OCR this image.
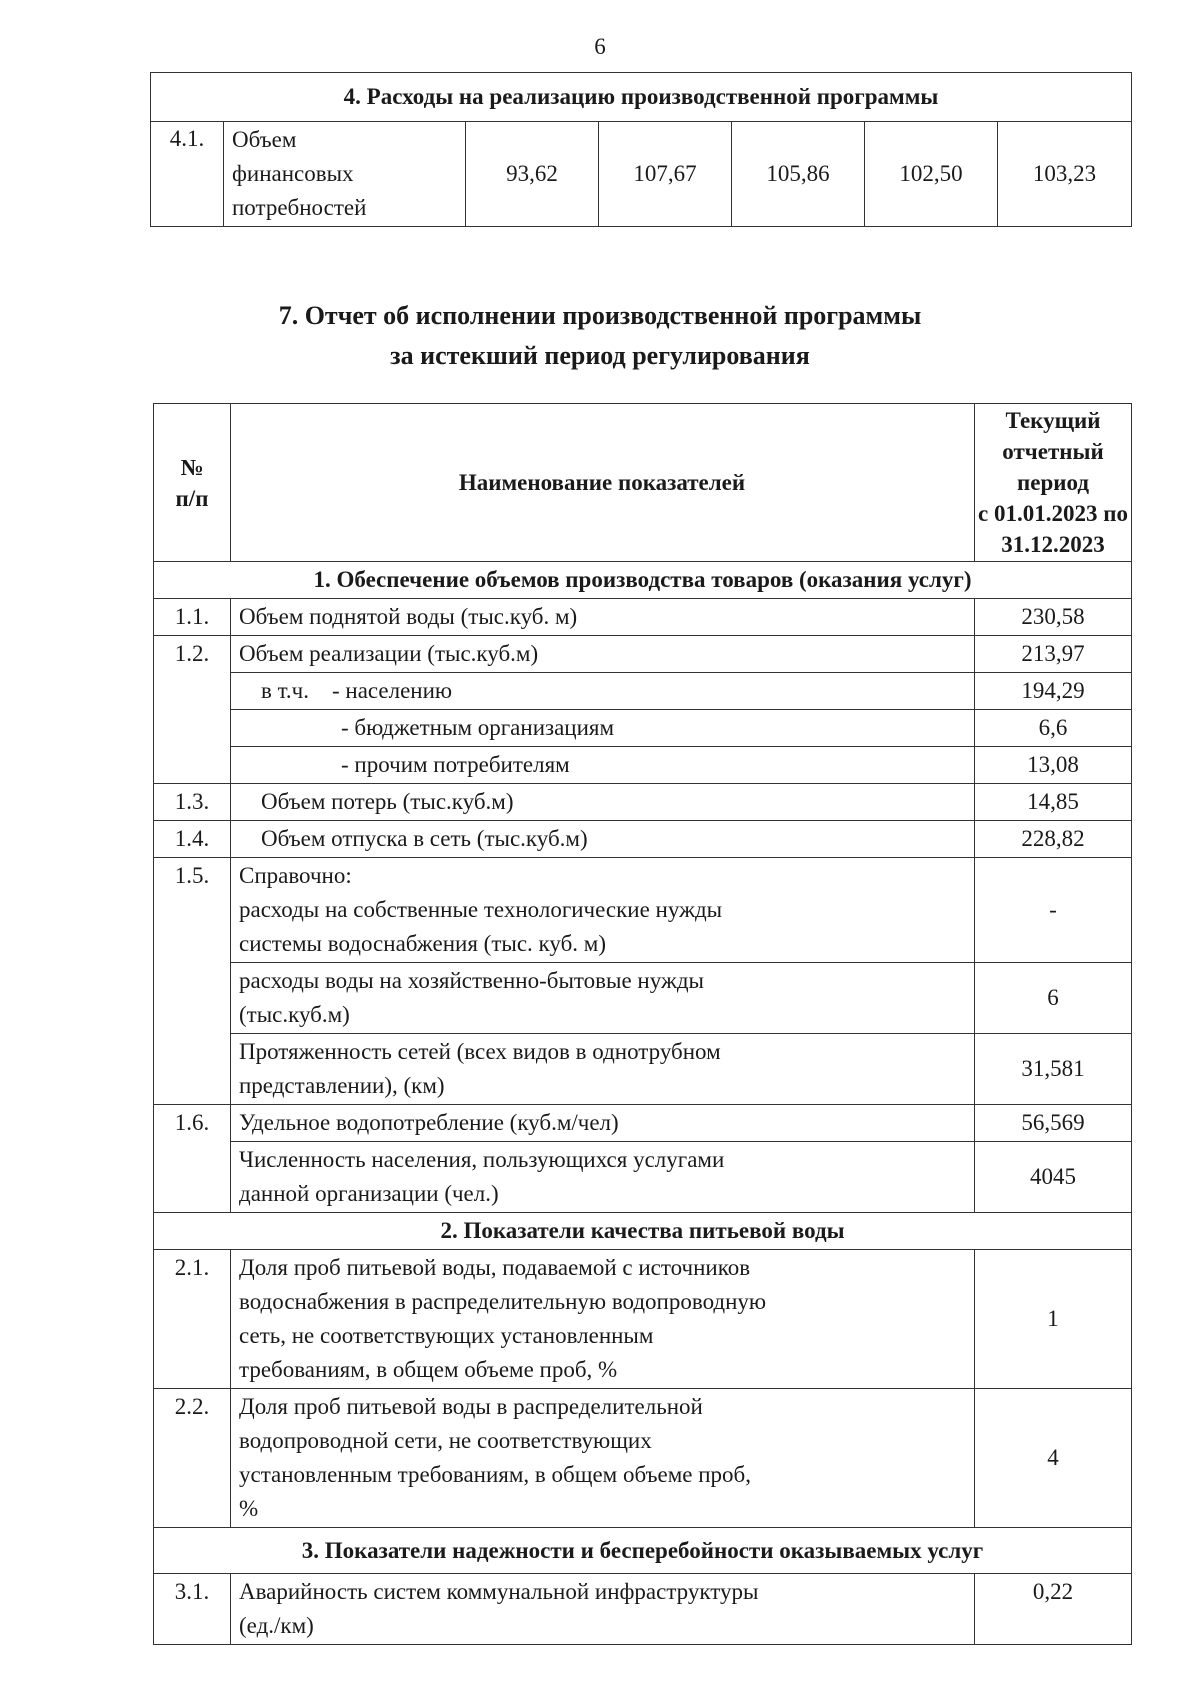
6
4. Расходы на реализацию производственной программы
4.1.	Объем
финансовых
потребностей
	93,62	107,67	105,86	102,50	103,23
7. Отчет об исполнении производственной программы
за истекший период регулирования
№
п/п	Наименование показателей	Текущий
отчетный период
с 01.01.2023 по
31.12.2023

1. Обеспечение объемов производства товаров (оказания услуг)		
1.1.	Объем поднятой воды (тыс.куб. м)	230,58
1.2.	Объем реализации (тыс.куб.м)	213,97
	в т.ч. - населению	194,29
	- бюджетным организациям	6,6
	- прочим потребителям	13,08
1.3.	Объем потерь (тыс.куб.м)	14,85
1.4.	Объем отпуска в сеть (тыс.куб.м)	228,82
1.5.	Справочно:
расходы на собственные технологические нужды
системы водоснабжения (тыс. куб. м)	-

	расходы воды на хозяйственно-бытовые нужды
(тыс.куб.м)	6

	Протяженность сетей (всех видов в однотрубном
представлении), (км)	31,581
1.6.	Удельное водопотребление (куб.м/чел)	56,569

	Численность населения, пользующихся услугами
данной организации (чел.)	4045
2. Показатели качества питьевой воды		
2.1.	Доля проб питьевой воды, подаваемой с источников
водоснабжения в распределительную водопроводную
сеть, не соответствующих установленным
требованиям, в общем объеме проб, %	1
2.2.	Доля проб питьевой воды в распределительной
водопроводной сети, не соответствующих
установленным требованиям, в общем объеме проб,
%	4
3. Показатели надежности и бесперебойности оказываемых услуг		
3.1.	Аварийность систем коммунальной инфраструктуры
(ед./км)	0,22
